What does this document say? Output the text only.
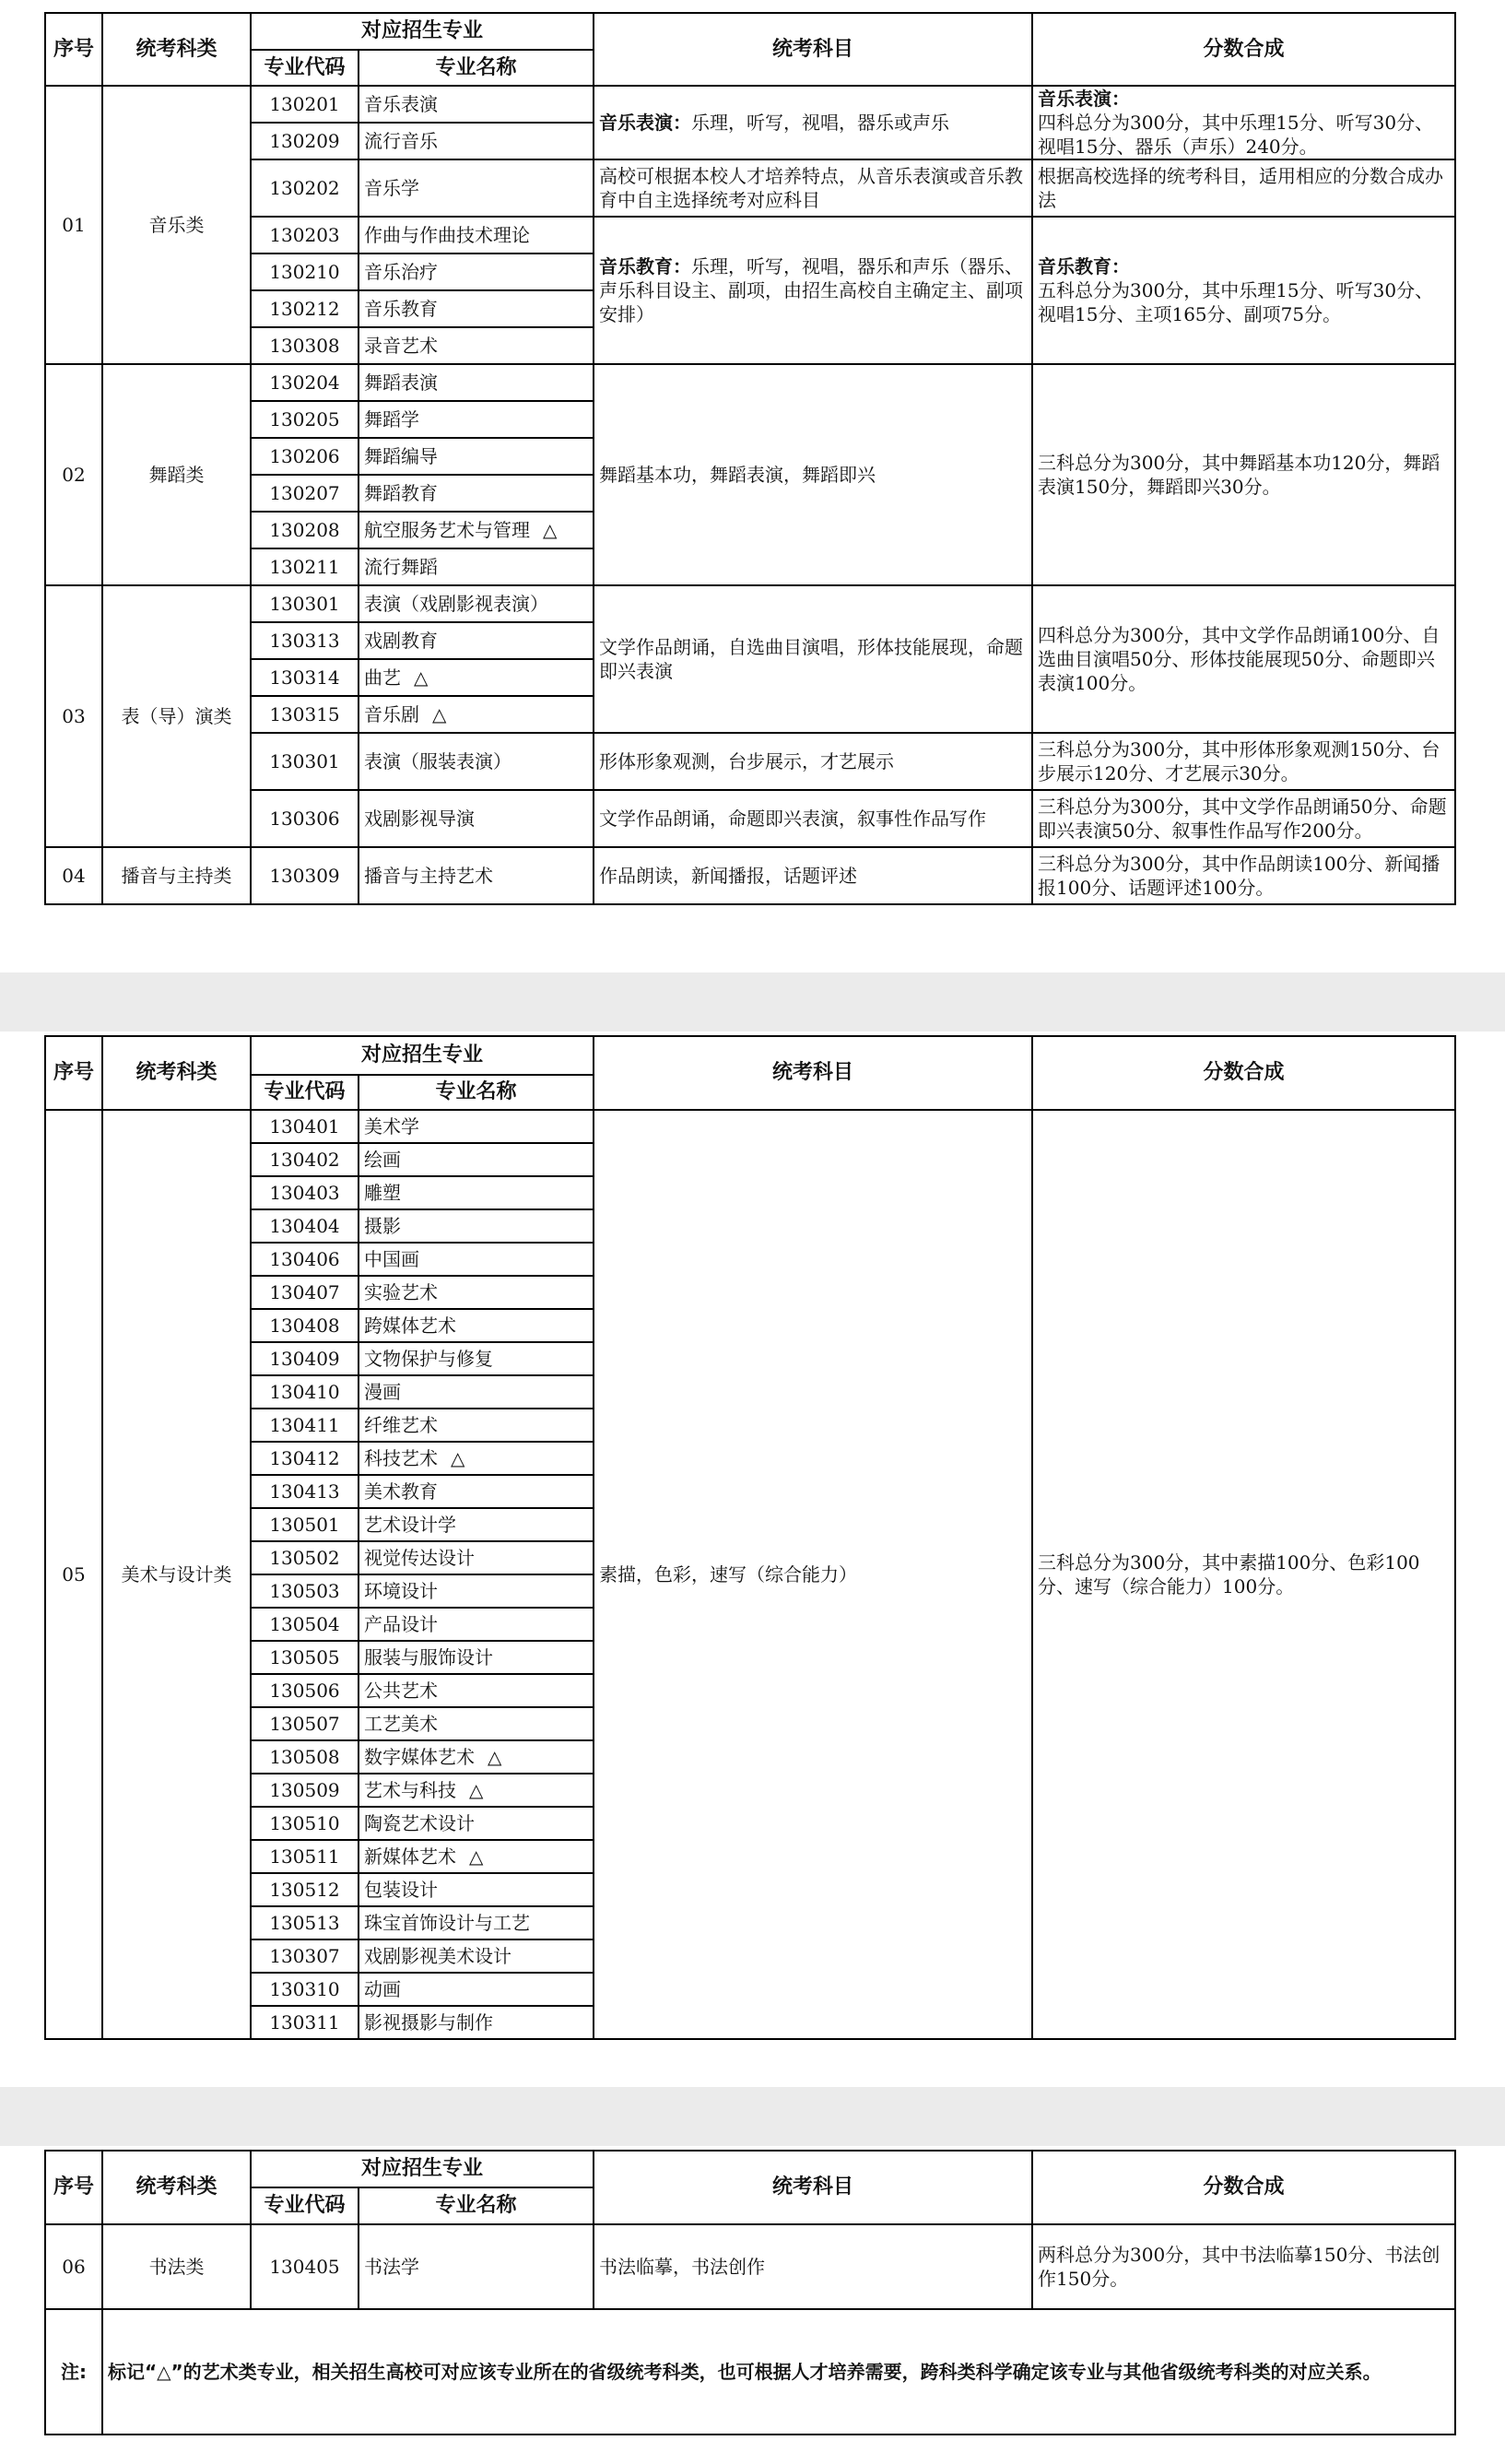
序号	统考科类	对应招生专业		统考科目	分数合成
		专业代码	专业名称		
01	音乐类	130201	音乐表演	音乐表演：乐理，听写，视唱，器乐或声乐	音乐表演：
四科总分为300分，其中乐理15分、听写30分、视唱15分、器乐（声乐）240分。
		130209	流行音乐		
		130202	音乐学	高校可根据本校人才培养特点，从音乐表演或音乐教育中自主选择统考对应科目	根据高校选择的统考科目，适用相应的分数合成办法
		130203	作曲与作曲技术理论	音乐教育：乐理，听写，视唱，器乐和声乐（器乐、声乐科目设主、副项，由招生高校自主确定主、副项安排）	音乐教育：
五科总分为300分，其中乐理15分、听写30分、视唱15分、主项165分、副项75分。
		130210	音乐治疗		
		130212	音乐教育		
		130308	录音艺术		
02	舞蹈类	130204	舞蹈表演	舞蹈基本功，舞蹈表演，舞蹈即兴	三科总分为300分，其中舞蹈基本功120分，舞蹈表演150分，舞蹈即兴30分。
		130205	舞蹈学		
		130206	舞蹈编导		
		130207	舞蹈教育		
		130208	航空服务艺术与管理 △		
		130211	流行舞蹈		
03	表（导）演类	130301	表演（戏剧影视表演）	文学作品朗诵，自选曲目演唱，形体技能展现，命题即兴表演	四科总分为300分，其中文学作品朗诵100分、自选曲目演唱50分、形体技能展现50分、命题即兴表演100分。
		130313	戏剧教育		
		130314	曲艺 △		
		130315	音乐剧 △		
		130301	表演（服装表演）	形体形象观测，台步展示，才艺展示	三科总分为300分，其中形体形象观测150分、台步展示120分、才艺展示30分。
		130306	戏剧影视导演	文学作品朗诵，命题即兴表演，叙事性作品写作	三科总分为300分，其中文学作品朗诵50分、命题即兴表演50分、叙事性作品写作200分。
04	播音与主持类	130309	播音与主持艺术	作品朗读，新闻播报，话题评述	三科总分为300分，其中作品朗读100分、新闻播报100分、话题评述100分。
序号	统考科类	对应招生专业		统考科目	分数合成
		专业代码	专业名称		
05	美术与设计类	130401	美术学	素描，色彩，速写（综合能力）	三科总分为300分，其中素描100分、色彩100分、速写（综合能力）100分。
		130402	绘画		
		130403	雕塑		
		130404	摄影		
		130406	中国画		
		130407	实验艺术		
		130408	跨媒体艺术		
		130409	文物保护与修复		
		130410	漫画		
		130411	纤维艺术		
		130412	科技艺术 △		
		130413	美术教育		
		130501	艺术设计学		
		130502	视觉传达设计		
		130503	环境设计		
		130504	产品设计		
		130505	服装与服饰设计		
		130506	公共艺术		
		130507	工艺美术		
		130508	数字媒体艺术 △		
		130509	艺术与科技 △		
		130510	陶瓷艺术设计		
		130511	新媒体艺术 △		
		130512	包装设计		
		130513	珠宝首饰设计与工艺		
		130307	戏剧影视美术设计		
		130310	动画		
		130311	影视摄影与制作		
序号	统考科类	对应招生专业		统考科目	分数合成
		专业代码	专业名称		
06	书法类	130405	书法学	书法临摹，书法创作	两科总分为300分，其中书法临摹150分、书法创作150分。
注:	标记“△”的艺术类专业，相关招生高校可对应该专业所在的省级统考科类，也可根据人才培养需要，跨科类科学确定该专业与其他省级统考科类的对应关系。				
